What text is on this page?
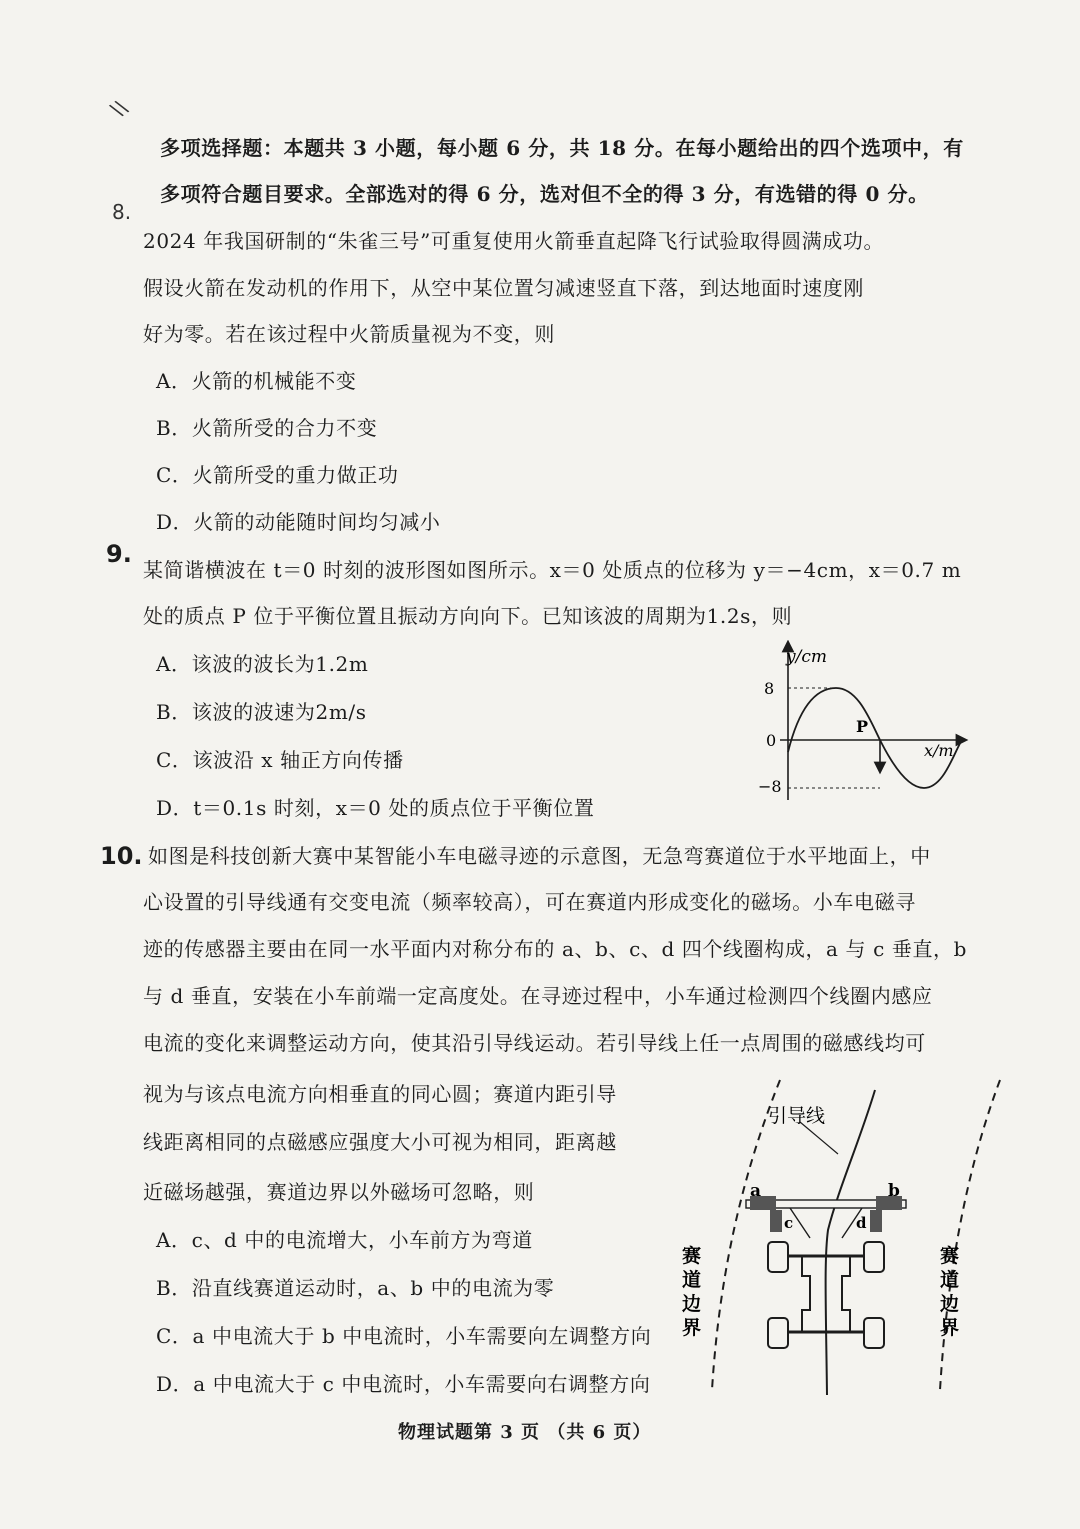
\\
8.
多项选择题：本题共 3 小题，每小题 6 分，共 18 分。在每小题给出的四个选项中，有
多项符合题目要求。全部选对的得 6 分，选对但不全的得 3 分，有选错的得 0 分。
2024 年我国研制的“朱雀三号”可重复使用火箭垂直起降飞行试验取得圆满成功。
假设火箭在发动机的作用下，从空中某位置匀减速竖直下落，到达地面时速度刚
好为零。若在该过程中火箭质量视为不变，则
A．火箭的机械能不变
B．火箭所受的合力不变
C．火箭所受的重力做正功
D．火箭的动能随时间均匀减小
9.
某简谐横波在 t＝0 时刻的波形图如图所示。x＝0 处质点的位移为 y＝−4cm，x＝0.7 m
处的质点 P 位于平衡位置且振动方向向下。已知该波的周期为1.2s，则
A．该波的波长为1.2m
B．该波的波速为2m/s
C．该波沿 x 轴正方向传播
D．t＝0.1s 时刻，x＝0 处的质点位于平衡位置
y/cm
x/m
8
0
−8
P
10. 如图是科技创新大赛中某智能小车电磁寻迹的示意图，无急弯赛道位于水平地面上，中
心设置的引导线通有交变电流（频率较高），可在赛道内形成变化的磁场。小车电磁寻
迹的传感器主要由在同一水平面内对称分布的 a、b、c、d 四个线圈构成，a 与 c 垂直，b
与 d 垂直，安装在小车前端一定高度处。在寻迹过程中，小车通过检测四个线圈内感应
电流的变化来调整运动方向，使其沿引导线运动。若引导线上任一点周围的磁感线均可
视为与该点电流方向相垂直的同心圆；赛道内距引导
线距离相同的点磁感应强度大小可视为相同，距离越
近磁场越强，赛道边界以外磁场可忽略，则
A．c、d 中的电流增大，小车前方为弯道
B．沿直线赛道运动时，a、b 中的电流为零
C．a 中电流大于 b 中电流时，小车需要向左调整方向
D．a 中电流大于 c 中电流时，小车需要向右调整方向
引导线
a	b
c	d
赛
道
边
界
赛
道
边
界
物理试题第 3 页 （共 6 页）
